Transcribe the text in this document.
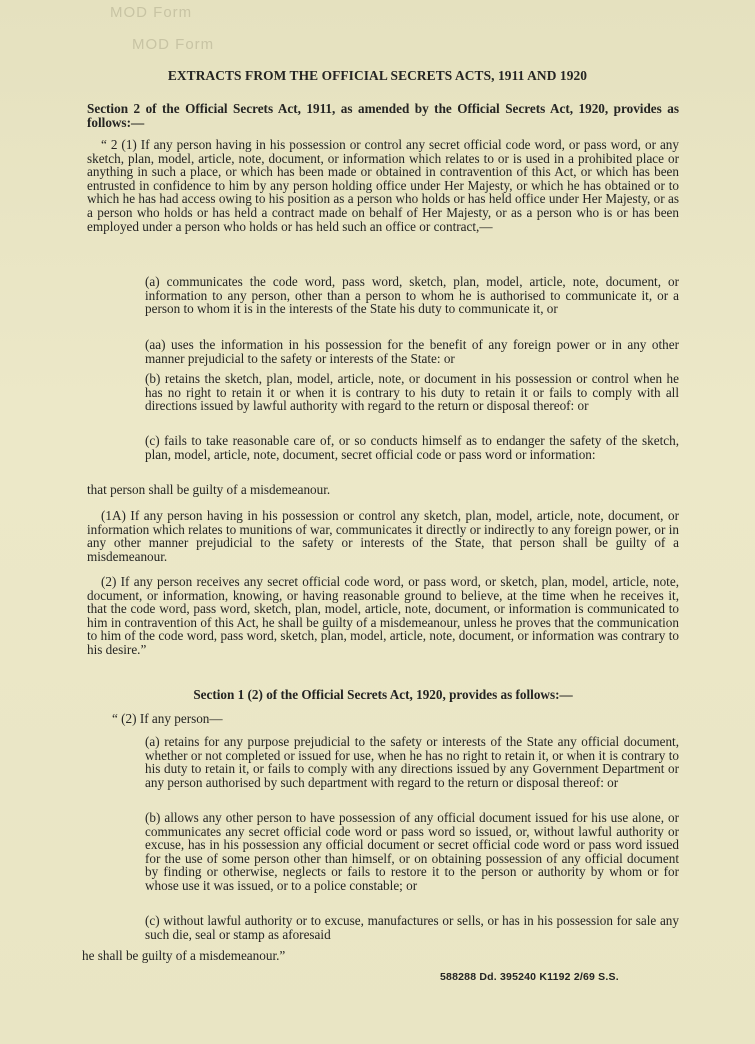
MOD Form
MOD Form
EXTRACTS FROM THE OFFICIAL SECRETS ACTS, 1911 AND 1920
Section 2 of the Official Secrets Act, 1911, as amended by the Official Secrets Act, 1920, provides as follows:—
“ 2 (1) If any person having in his possession or control any secret official code word, or pass word, or any sketch, plan, model, article, note, document, or information which relates to or is used in a prohibited place or anything in such a place, or which has been made or obtained in contravention of this Act, or which has been entrusted in confidence to him by any person holding office under Her Majesty, or which he has obtained or to which he has had access owing to his position as a person who holds or has held office under Her Majesty, or as a person who holds or has held a contract made on behalf of Her Majesty, or as a person who is or has been employed under a person who holds or has held such an office or contract,—
(a) communicates the code word, pass word, sketch, plan, model, article, note, document, or information to any person, other than a person to whom he is authorised to communicate it, or a person to whom it is in the interests of the State his duty to communicate it, or
(aa) uses the information in his possession for the benefit of any foreign power or in any other manner prejudicial to the safety or interests of the State: or
(b) retains the sketch, plan, model, article, note, or document in his possession or control when he has no right to retain it or when it is contrary to his duty to retain it or fails to comply with all directions issued by lawful authority with regard to the return or disposal thereof: or
(c) fails to take reasonable care of, or so conducts himself as to endanger the safety of the sketch, plan, model, article, note, document, secret official code or pass word or information:
that person shall be guilty of a misdemeanour.
(1A) If any person having in his possession or control any sketch, plan, model, article, note, document, or information which relates to munitions of war, communicates it directly or indirectly to any foreign power, or in any other manner prejudicial to the safety or interests of the State, that person shall be guilty of a misdemeanour.
(2) If any person receives any secret official code word, or pass word, or sketch, plan, model, article, note, document, or information, knowing, or having reasonable ground to believe, at the time when he receives it, that the code word, pass word, sketch, plan, model, article, note, document, or information is communicated to him in contravention of this Act, he shall be guilty of a misdemeanour, unless he proves that the communication to him of the code word, pass word, sketch, plan, model, article, note, document, or information was contrary to his desire.”
Section 1 (2) of the Official Secrets Act, 1920, provides as follows:—
“ (2) If any person—
(a) retains for any purpose prejudicial to the safety or interests of the State any official document, whether or not completed or issued for use, when he has no right to retain it, or when it is contrary to his duty to retain it, or fails to comply with any directions issued by any Government Department or any person authorised by such department with regard to the return or disposal thereof: or
(b) allows any other person to have possession of any official document issued for his use alone, or communicates any secret official code word or pass word so issued, or, without lawful authority or excuse, has in his possession any official document or secret official code word or pass word issued for the use of some person other than himself, or on obtaining possession of any official document by finding or otherwise, neglects or fails to restore it to the person or authority by whom or for whose use it was issued, or to a police constable; or
(c) without lawful authority or to excuse, manufactures or sells, or has in his possession for sale any such die, seal or stamp as aforesaid
he shall be guilty of a misdemeanour.”
588288 Dd. 395240 K1192 2/69 S.S.
